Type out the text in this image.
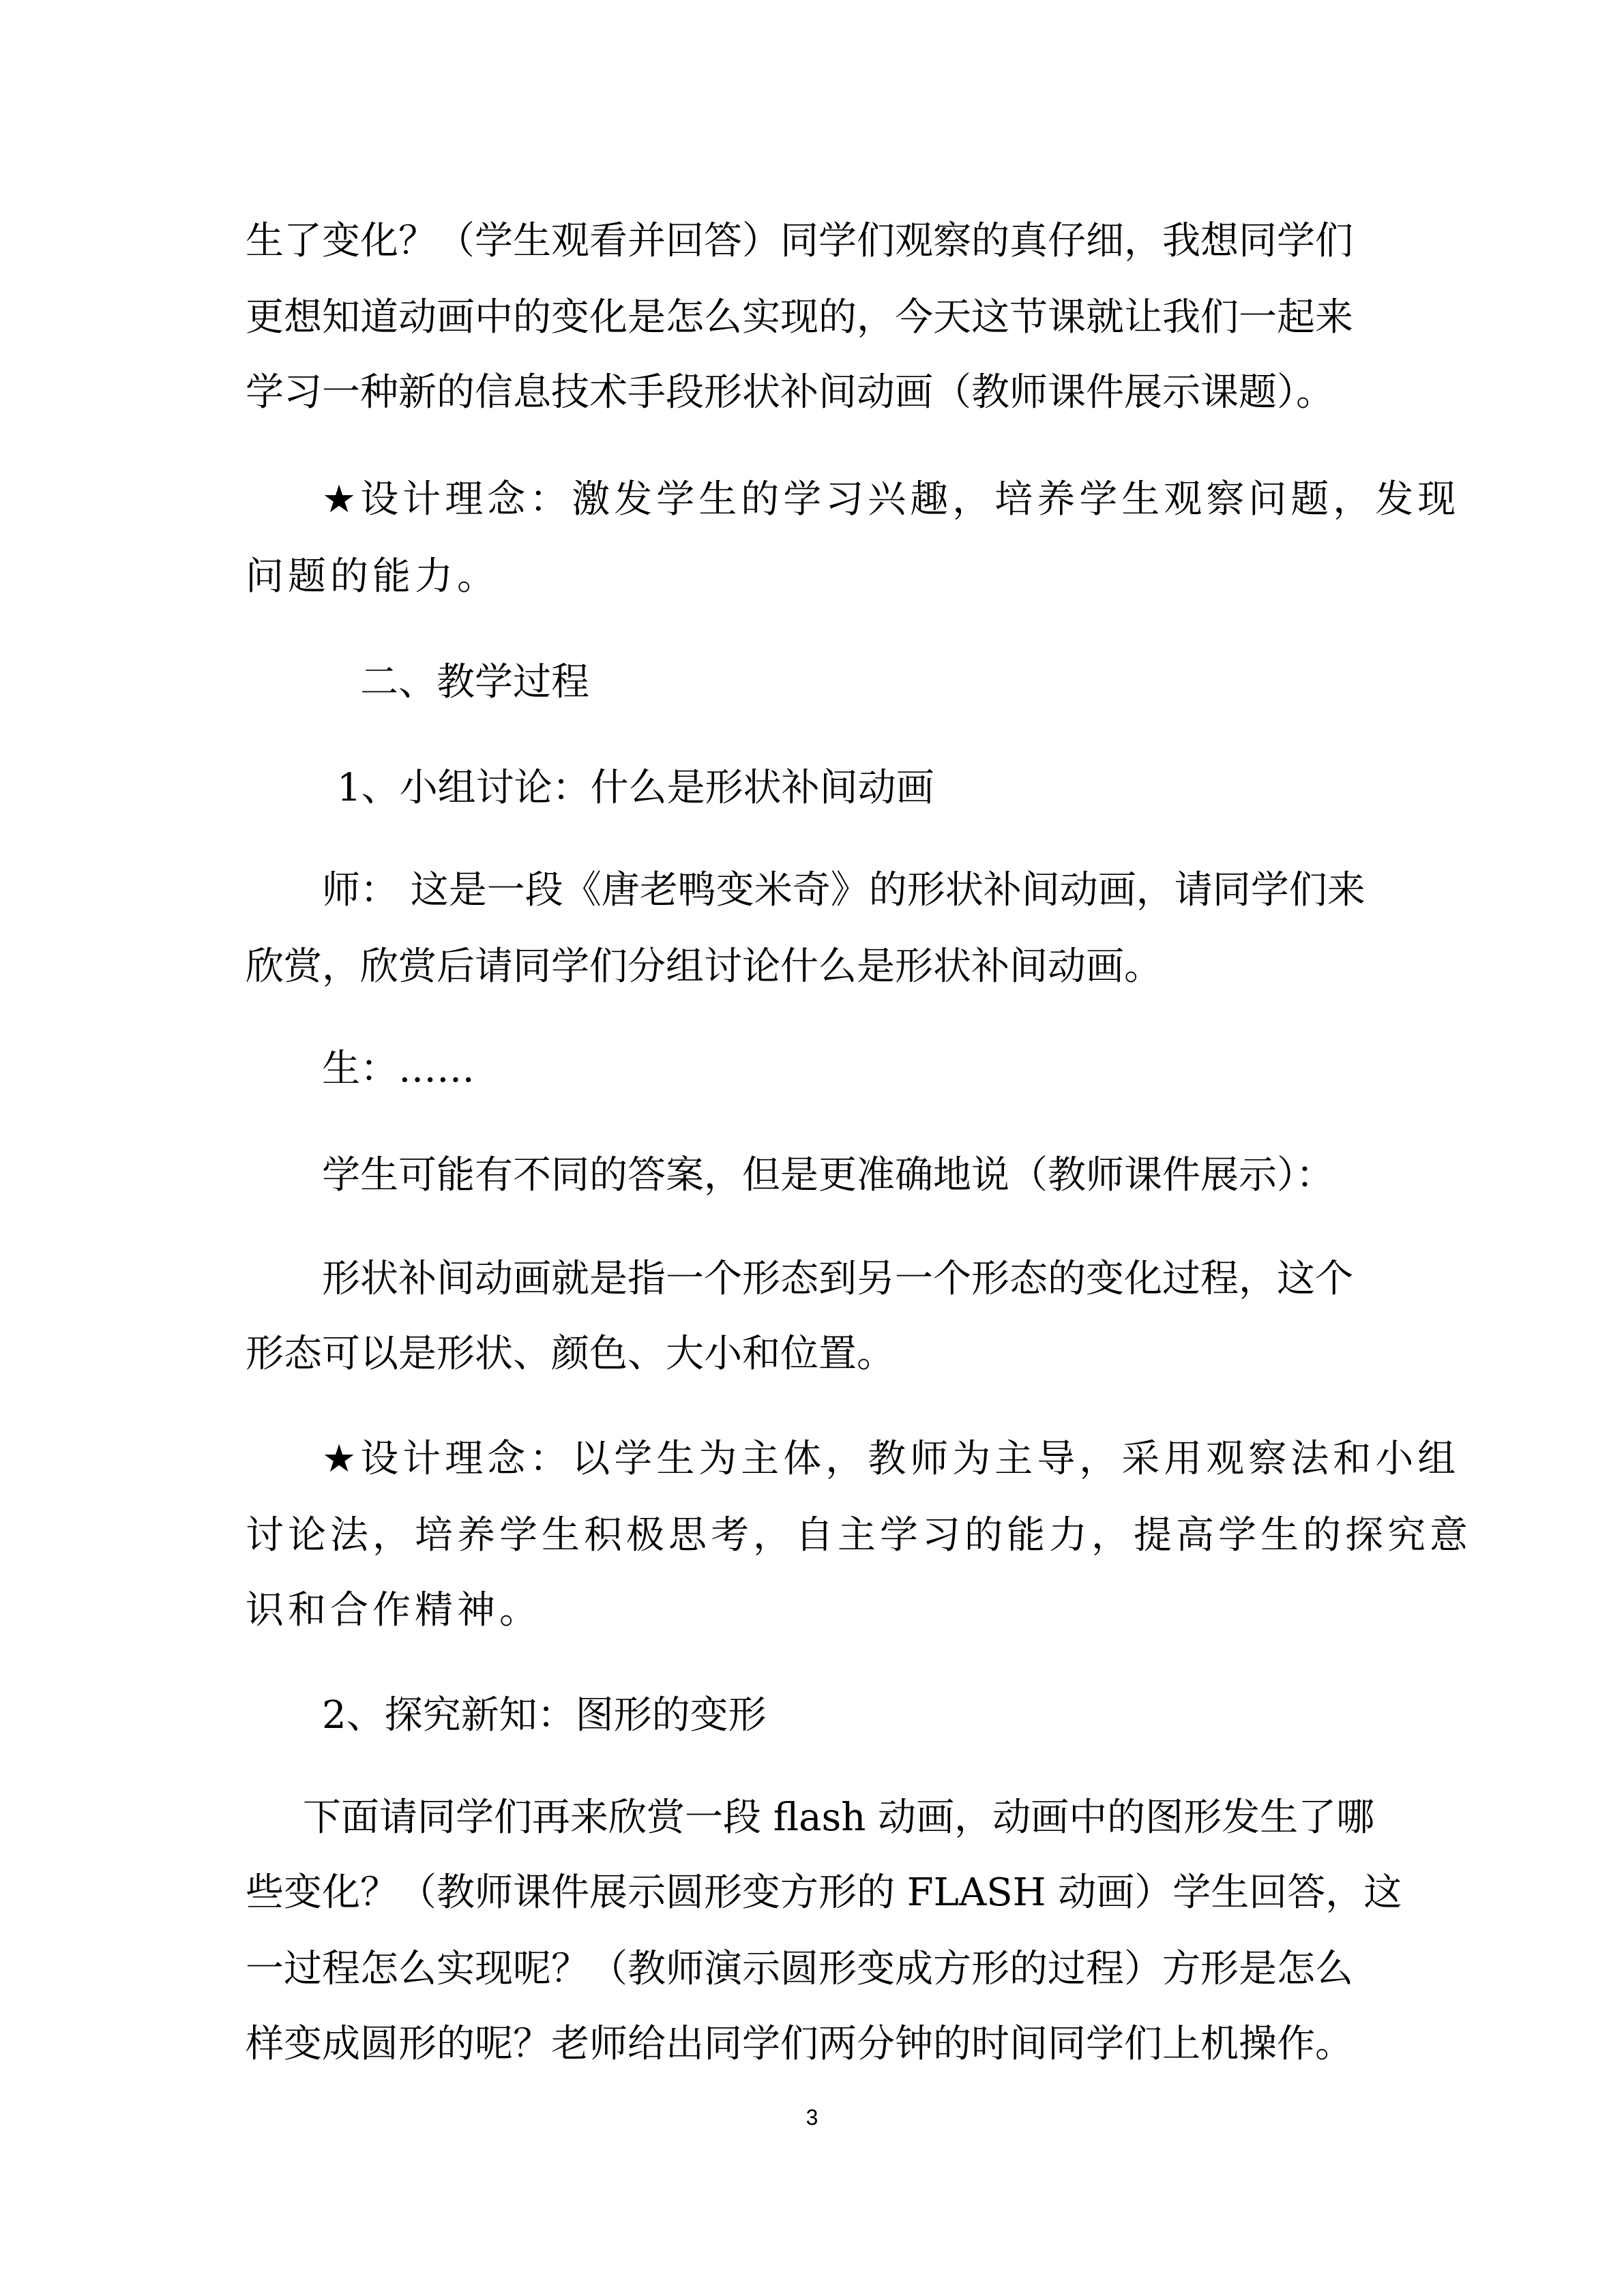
生了变化？（学生观看并回答）同学们观察的真仔细，我想同学们
更想知道动画中的变化是怎么实现的，今天这节课就让我们一起来
学习一种新的信息技术手段形状补间动画（教师课件展示课题）。
★设计理念：激发学生的学习兴趣，培养学生观察问题，发现
问题的能力。
二、教学过程
1、小组讨论：什么是形状补间动画
师： 这是一段《唐老鸭变米奇》的形状补间动画，请同学们来
欣赏，欣赏后请同学们分组讨论什么是形状补间动画。
生：……
学生可能有不同的答案，但是更准确地说（教师课件展示）：
形状补间动画就是指一个形态到另一个形态的变化过程，这个
形态可以是形状、颜色、大小和位置。
★设计理念：以学生为主体，教师为主导，采用观察法和小组
讨论法，培养学生积极思考，自主学习的能力，提高学生的探究意
识和合作精神。
2、探究新知：图形的变形
下面请同学们再来欣赏一段 flash 动画，动画中的图形发生了哪
些变化？（教师课件展示圆形变方形的 FLASH 动画）学生回答，这
一过程怎么实现呢？（教师演示圆形变成方形的过程）方形是怎么
样变成圆形的呢？老师给出同学们两分钟的时间同学们上机操作。
3
